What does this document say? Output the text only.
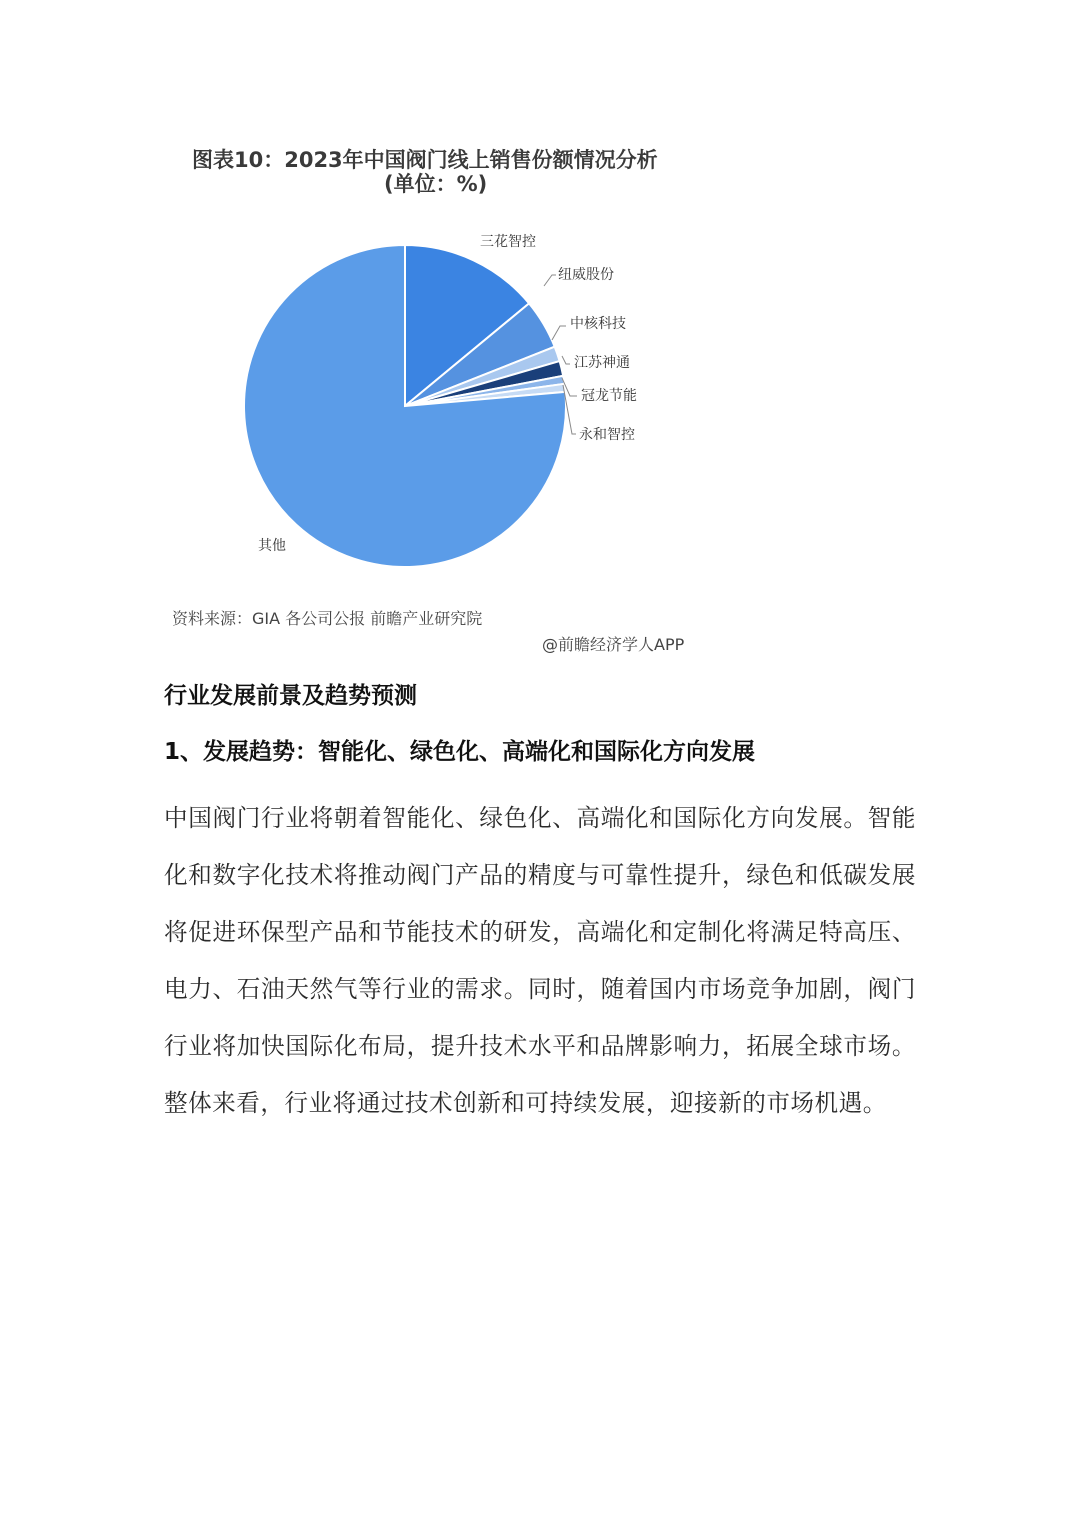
图表10：2023年中国阀门线上销售份额情况分析
(单位：%)
三花智控
纽威股份
中核科技
江苏神通
冠龙节能
永和智控
其他
资料来源：GIA 各公司公报 前瞻产业研究院
@前瞻经济学人APP
行业发展前景及趋势预测
1、发展趋势：智能化、绿色化、高端化和国际化方向发展

中国阀门行业将朝着智能化、绿色化、高端化和国际化方向发展。智能化和数字化技术将推动阀门产品的精度与可靠性提升，绿色和低碳发展将促进环保型产品和节能技术的研发，高端化和定制化将满足特高压、电力、石油天然气等行业的需求。同时，随着国内市场竞争加剧，阀门行业将加快国际化布局，提升技术水平和品牌影响力，拓展全球市场。整体来看，行业将通过技术创新和可持续发展，迎接新的市场机遇。
